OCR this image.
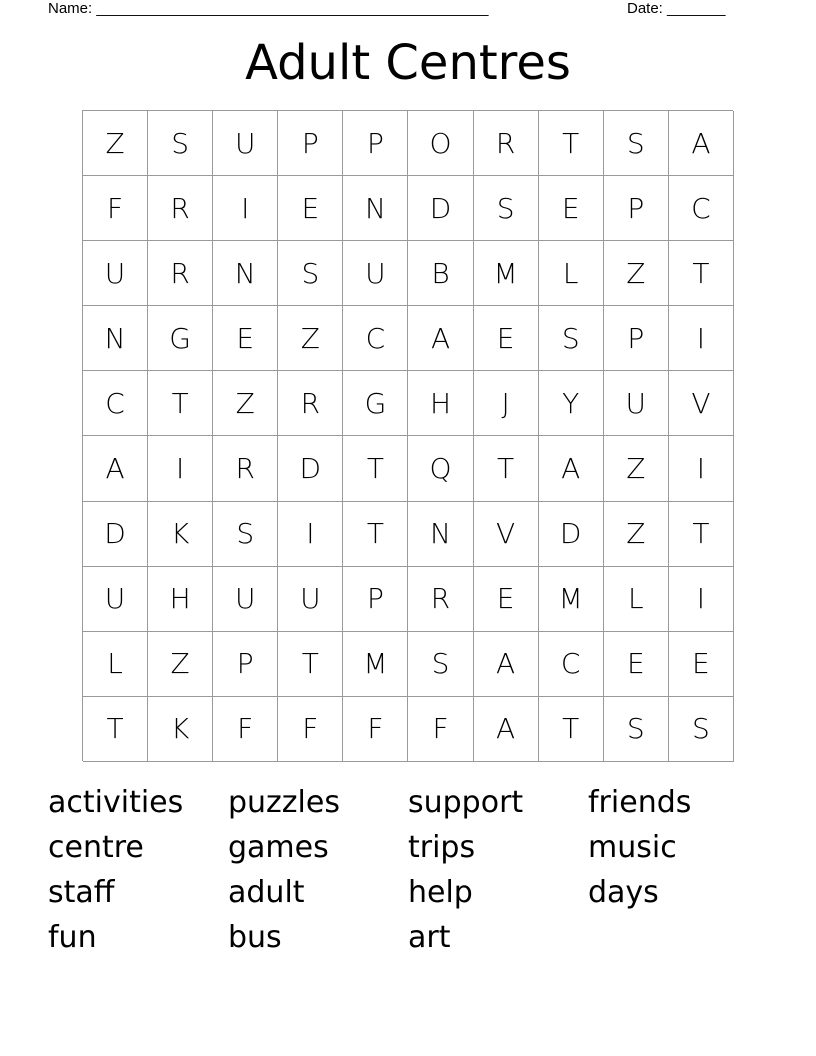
Name: _______________________________________________	Date: _______
Adult Centres
Z	S	U	P	P	O	R	T	S	A
F	R	I	E	N	D	S	E	P	C
U	R	N	S	U	B	M	L	Z	T
N	G	E	Z	C	A	E	S	P	I
C	T	Z	R	G	H	J	Y	U	V
A	I	R	D	T	Q	T	A	Z	I
D	K	S	I	T	N	V	D	Z	T
U	H	U	U	P	R	E	M	L	I
L	Z	P	T	M	S	A	C	E	E
T	K	F	F	F	F	A	T	S	S
activities	puzzles	support	friends
centre	games	trips	music
staff	adult	help	days
fun	bus	art
